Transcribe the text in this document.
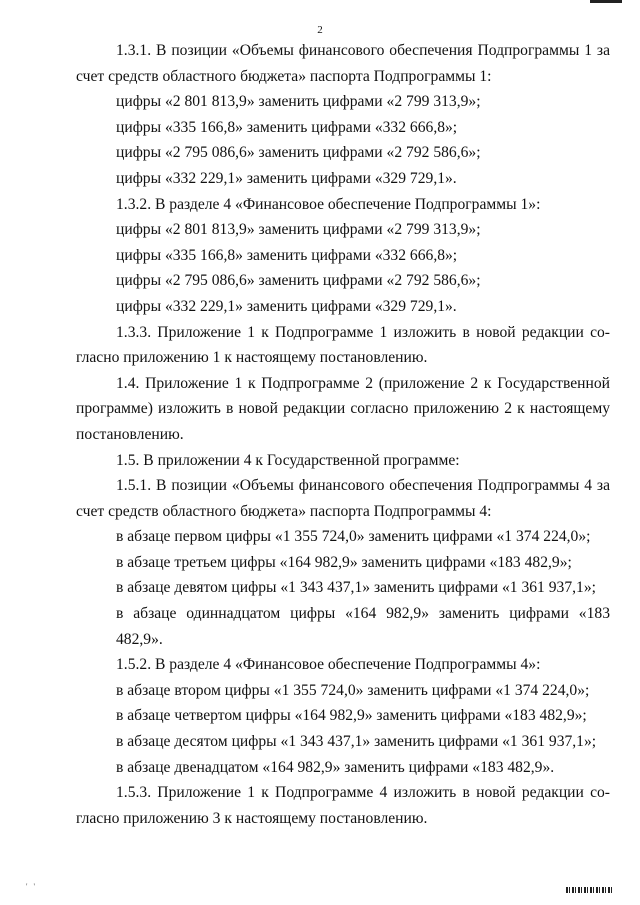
2

1.3.1. В позиции «Объемы финансового обеспечения Подпрограммы 1 за

счет средств областного бюджета» паспорта Подпрограммы 1:

цифры «2 801 813,9» заменить цифрами «2 799 313,9»;

цифры «335 166,8» заменить цифрами «332 666,8»;

цифры «2 795 086,6» заменить цифрами «2 792 586,6»;

цифры «332 229,1» заменить цифрами «329 729,1».

1.3.2. В разделе 4 «Финансовое обеспечение Подпрограммы 1»:

цифры «2 801 813,9» заменить цифрами «2 799 313,9»;

цифры «335 166,8» заменить цифрами «332 666,8»;

цифры «2 795 086,6» заменить цифрами «2 792 586,6»;

цифры «332 229,1» заменить цифрами «329 729,1».

1.3.3. Приложение 1 к Подпрограмме 1 изложить в новой редакции со-

гласно приложению 1 к настоящему постановлению.

1.4. Приложение 1 к Подпрограмме 2 (приложение 2 к Государственной

программе) изложить в новой редакции согласно приложению 2 к настоящему

постановлению.

1.5. В приложении 4 к Государственной программе:

1.5.1. В позиции «Объемы финансового обеспечения Подпрограммы 4 за

счет средств областного бюджета» паспорта Подпрограммы 4:

в абзаце первом цифры «1 355 724,0» заменить цифрами «1 374 224,0»;

в абзаце третьем цифры «164 982,9» заменить цифрами «183 482,9»;

в абзаце девятом цифры «1 343 437,1» заменить цифрами «1 361 937,1»;

в абзаце одиннадцатом цифры «164 982,9» заменить цифрами «183 482,9».

1.5.2. В разделе 4 «Финансовое обеспечение Подпрограммы 4»:

в абзаце втором цифры «1 355 724,0» заменить цифрами «1 374 224,0»;

в абзаце четвертом цифры «164 982,9» заменить цифрами «183 482,9»;

в абзаце десятом цифры «1 343 437,1» заменить цифрами «1 361 937,1»;

в абзаце двенадцатом «164 982,9» заменить цифрами «183 482,9».

1.5.3. Приложение 1 к Подпрограмме 4 изложить в новой редакции со-

гласно приложению 3 к настоящему постановлению.

' '
